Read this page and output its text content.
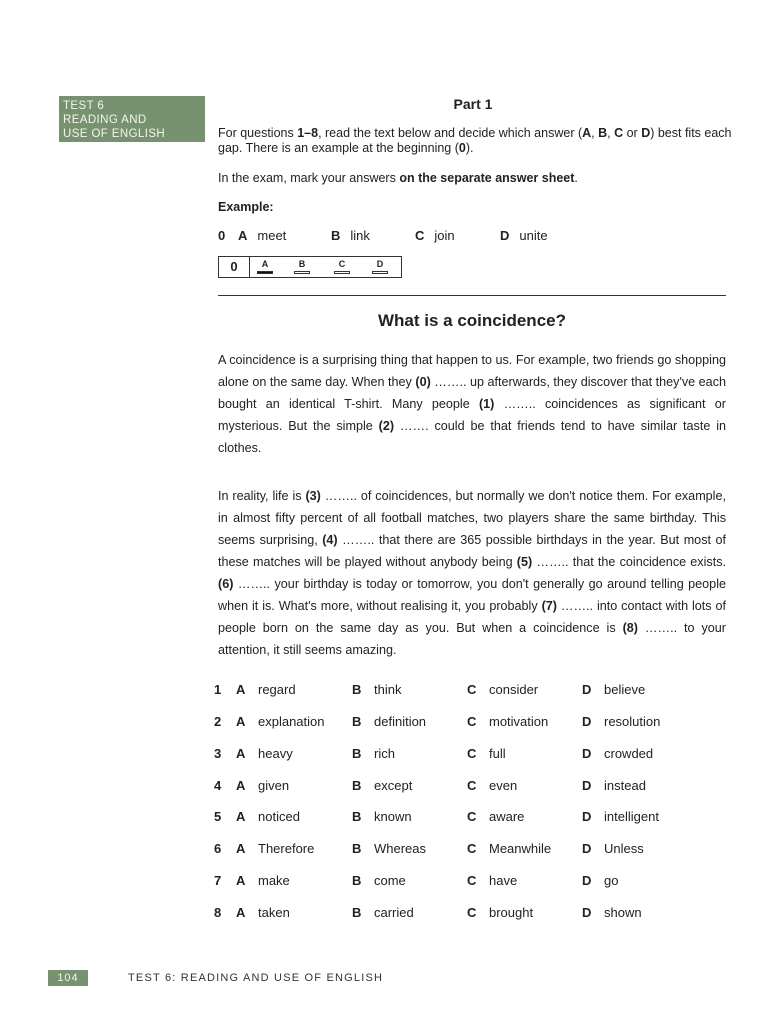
TEST 6
READING AND
USE OF ENGLISH
Part 1
For questions 1–8, read the text below and decide which answer (A, B, C or D) best fits each gap. There is an example at the beginning (0).
In the exam, mark your answers on the separate answer sheet.
Example:
0 A meet	B link	C join	D unite
0	A	B	C	D
What is a coincidence?

A coincidence is a surprising thing that happen to us. For example, two friends go shopping alone on the same day. When they (0) …….. up afterwards, they discover that they've each bought an identical T-shirt. Many people (1) …….. coincidences as significant or mysterious. But the simple (2) ……. could be that friends tend to have similar taste in clothes.

In reality, life is (3) …….. of coincidences, but normally we don't notice them. For example, in almost fifty percent of all football matches, two players share the same birthday. This seems surprising, (4) …….. that there are 365 possible birthdays in the year. But most of these matches will be played without anybody being (5) …….. that the coincidence exists. (6) …….. your birthday is today or tomorrow, you don't generally go around telling people when it is. What's more, without realising it, you probably (7) …….. into contact with lots of people born on the same day as you. But when a coincidence is (8) …….. to your attention, it still seems amazing.

1 A regard	B think	C consider	D believe
2 A explanation B definition	C motivation	D resolution
3 A heavy	B rich	C full	D crowded
4 A given	B except	C even	D instead
5 A noticed	B known	C aware	D intelligent
6 A Therefore	B Whereas	C Meanwhile D Unless
7 A make	B come	C have	D go
8 A taken	B carried	C brought	D shown
104	TEST 6: READING AND USE OF ENGLISH
